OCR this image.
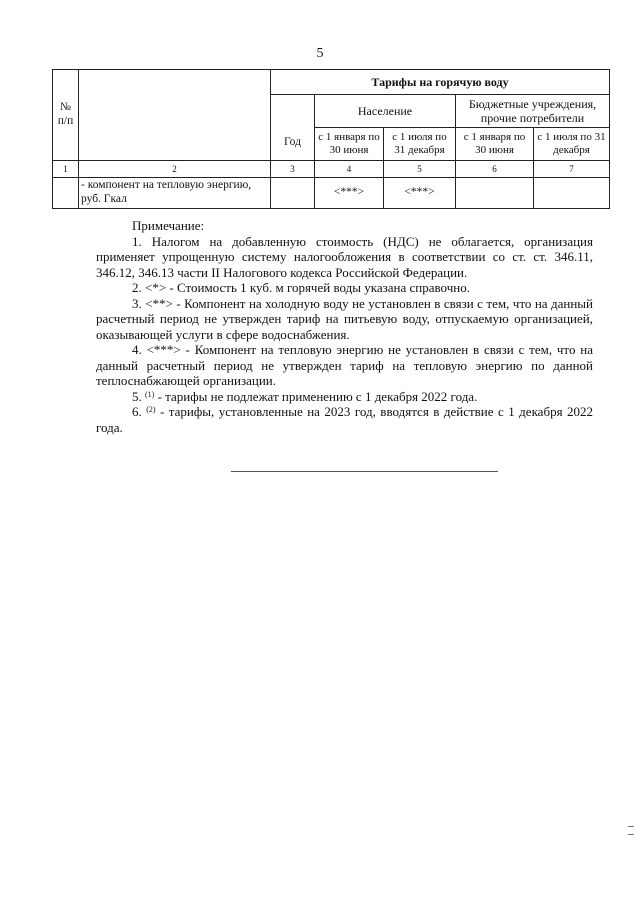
5
№ п/п		Тарифы на горячую воду				
		Год	Население		Бюджетные учреждения, прочие потребители	
			с 1 января по 30 июня	с 1 июля по 31 декабря	с 1 января по 30 июня	с 1 июля по 31 декабря
1	2	3	4	5	6	7
	- компонент на тепловую энергию, руб. Гкал		<***>	<***>		

Примечание:

1. Налогом на добавленную стоимость (НДС) не облагается, организация применяет упрощенную систему налогообложения в соответствии со ст. ст. 346.11, 346.12, 346.13 части II Налогового кодекса Российской Федерации.

2. <*> - Стоимость 1 куб. м горячей воды указана справочно.

3. <**> - Компонент на холодную воду не установлен в связи с тем, что на данный расчетный период не утвержден тариф на питьевую воду, отпускаемую организацией, оказывающей услуги в сфере водоснабжения.

4. <***> - Компонент на тепловую энергию не установлен в связи с тем, что на данный расчетный период не утвержден тариф на тепловую энергию по данной теплоснабжающей организации.

5. $^{(1)}$ - тарифы не подлежат применению с 1 декабря 2022 года.

6. $^{(2)}$ - тарифы, установленные на 2023 год, вводятся в действие с 1 декабря 2022 года.
